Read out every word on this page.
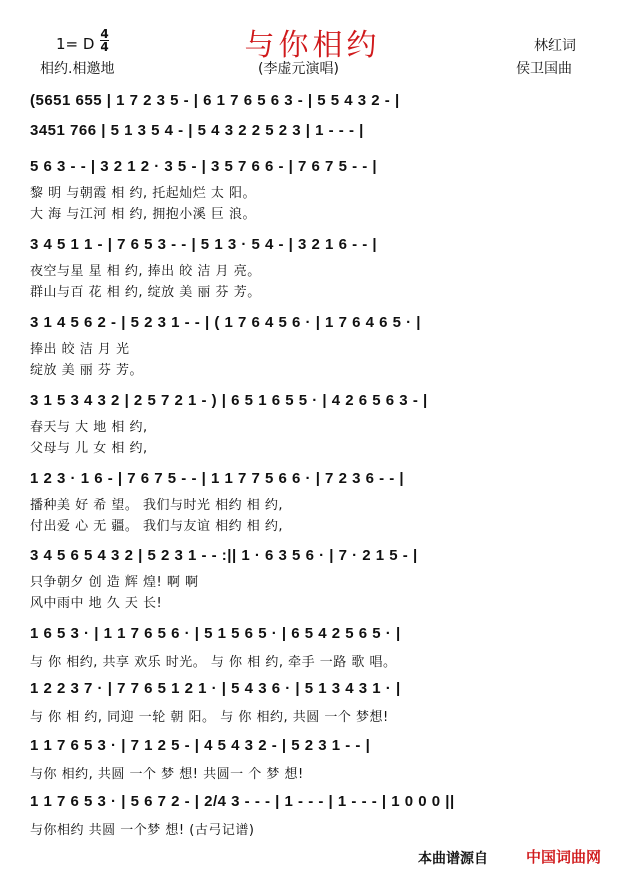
与你相约
1= D
4
4
相约.相邀地	(李虚元演唱)
林红词
侯卫国曲
(5651 655 | 1 7 2 3 5 - | 6 1 7 6 5 6 3 - | 5 5 4 3 2 - |
3451 766 | 5 1 3 5 4 - | 5 4 3 2 2 5 2 3 | 1 - - - |
5 6 3 - - | 3 2 1 2 · 3 5 - | 3 5 7 6 6 - | 7 6 7 5 - - |
黎 明 与朝霞 相 约, 托起灿烂 太 阳。
大 海 与江河 相 约, 拥抱小溪 巨 浪。
3 4 5 1 1 - | 7 6 5 3 - - | 5 1 3 · 5 4 - | 3 2 1 6 - - |
夜空与星 星 相 约, 捧出 皎 洁 月 亮。
群山与百 花 相 约, 绽放 美 丽 芬 芳。
3 1 4 5 6 2 - | 5 2 3 1 - - | ( 1 7 6 4 5 6 · | 1 7 6 4 6 5 · |
捧出 皎 洁 月 光
绽放 美 丽 芬 芳。
3 1 5 3 4 3 2 | 2 5 7 2 1 - ) | 6 5 1 6 5 5 · | 4 2 6 5 6 3 - |
春天与 大 地 相 约,
父母与 儿 女 相 约,
1 2 3 · 1 6 - | 7 6 7 5 - - | 1 1 7 7 5 6 6 · | 7 2 3 6 - - |
播种美 好 希 望。 我们与时光 相约 相 约,
付出爱 心 无 疆。 我们与友谊 相约 相 约,
3 4 5 6 5 4 3 2 | 5 2 3 1 - - :|| 1 · 6 3 5 6 · | 7 · 2 1 5 - |
只争朝夕 创 造 辉 煌! 啊 啊
风中雨中 地 久 天 长!
1 6 5 3 · | 1 1 7 6 5 6 · | 5 1 5 6 5 · | 6 5 4 2 5 6 5 · |
与 你 相约, 共享 欢乐 时光。 与 你 相 约, 牵手 一路 歌 唱。
1 2 2 3 7 · | 7 7 6 5 1 2 1 · | 5 4 3 6 · | 5 1 3 4 3 1 · |
与 你 相 约, 同迎 一轮 朝 阳。 与 你 相约, 共圆 一个 梦想!
1 1 7 6 5 3 · | 7 1 2 5 - | 4 5 4 3 2 - | 5 2 3 1 - - |
与你 相约, 共圆 一个 梦 想! 共圆一 个 梦 想!
1 1 7 6 5 3 · | 5 6 7 2 - | 2/4 3 - - - | 1 - - - | 1 - - - | 1 0 0 0 ||
与你相约 共圆 一个梦 想! (古弓记谱)
本曲谱源自	中国词曲网
